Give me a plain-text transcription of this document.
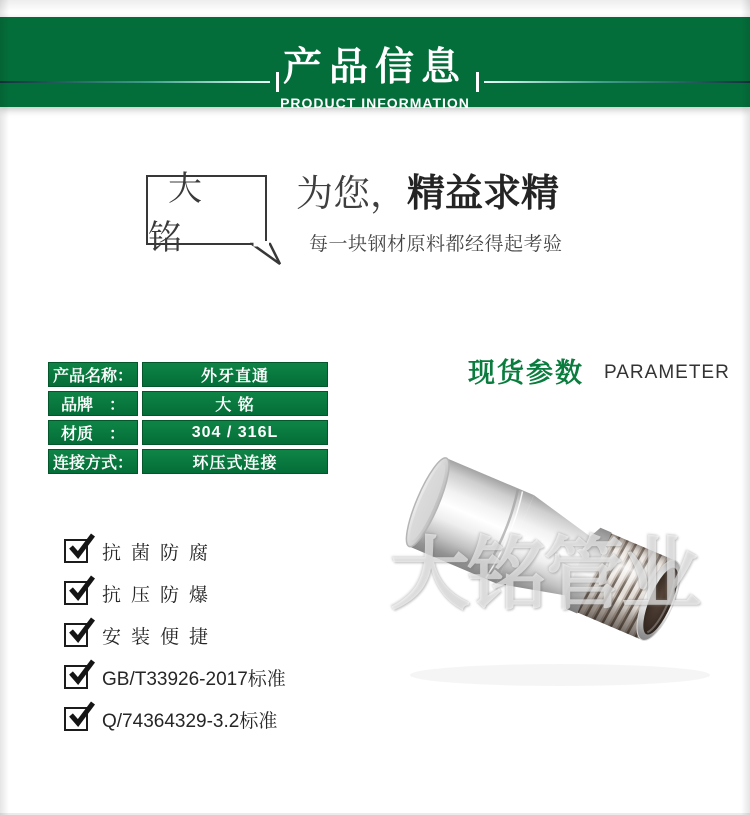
产品信息
PRODUCT INFORMATION
大铭
为您，精益求精
每一块钢材原料都经得起考验
产品名称：	外牙直通
品牌　：	大 铭
材质　：	304 / 316L
连接方式：	环压式连接
现货参数 PARAMETER
大铭管业
抗菌防腐
抗压防爆
安装便捷
GB/T33926-2017标准
Q/74364329-3.2标准
